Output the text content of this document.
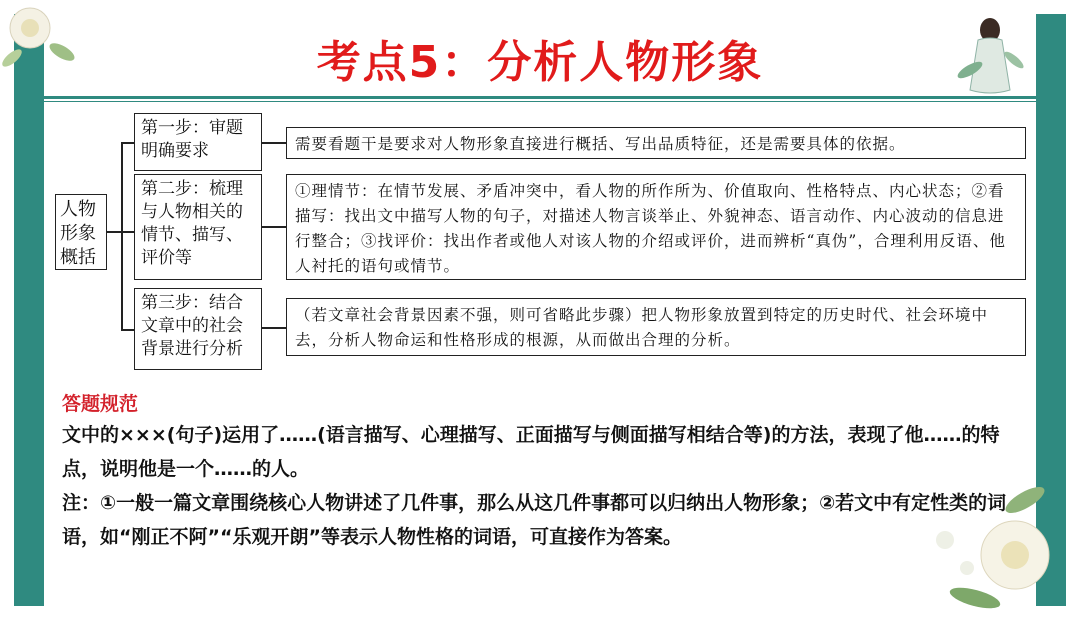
考点5：分析人物形象
人物形象概括
第一步：审题明确要求
第二步：梳理与人物相关的情节、描写、评价等
第三步：结合文章中的社会背景进行分析
需要看题干是要求对人物形象直接进行概括、写出品质特征，还是需要具体的依据。
①理情节：在情节发展、矛盾冲突中，看人物的所作所为、价值取向、性格特点、内心状态；②看描写：找出文中描写人物的句子，对描述人物言谈举止、外貌神态、语言动作、内心波动的信息进行整合；③找评价：找出作者或他人对该人物的介绍或评价，进而辨析“真伪”，合理利用反语、他人衬托的语句或情节。
（若文章社会背景因素不强，则可省略此步骤）把人物形象放置到特定的历史时代、社会环境中去，分析人物命运和性格形成的根源，从而做出合理的分析。
答题规范
文中的×××(句子)运用了……(语言描写、心理描写、正面描写与侧面描写相结合等)的方法，表现了他……的特点，说明他是一个……的人。
注：①一般一篇文章围绕核心人物讲述了几件事，那么从这几件事都可以归纳出人物形象；②若文中有定性类的词语，如“刚正不阿”“乐观开朗”等表示人物性格的词语，可直接作为答案。
